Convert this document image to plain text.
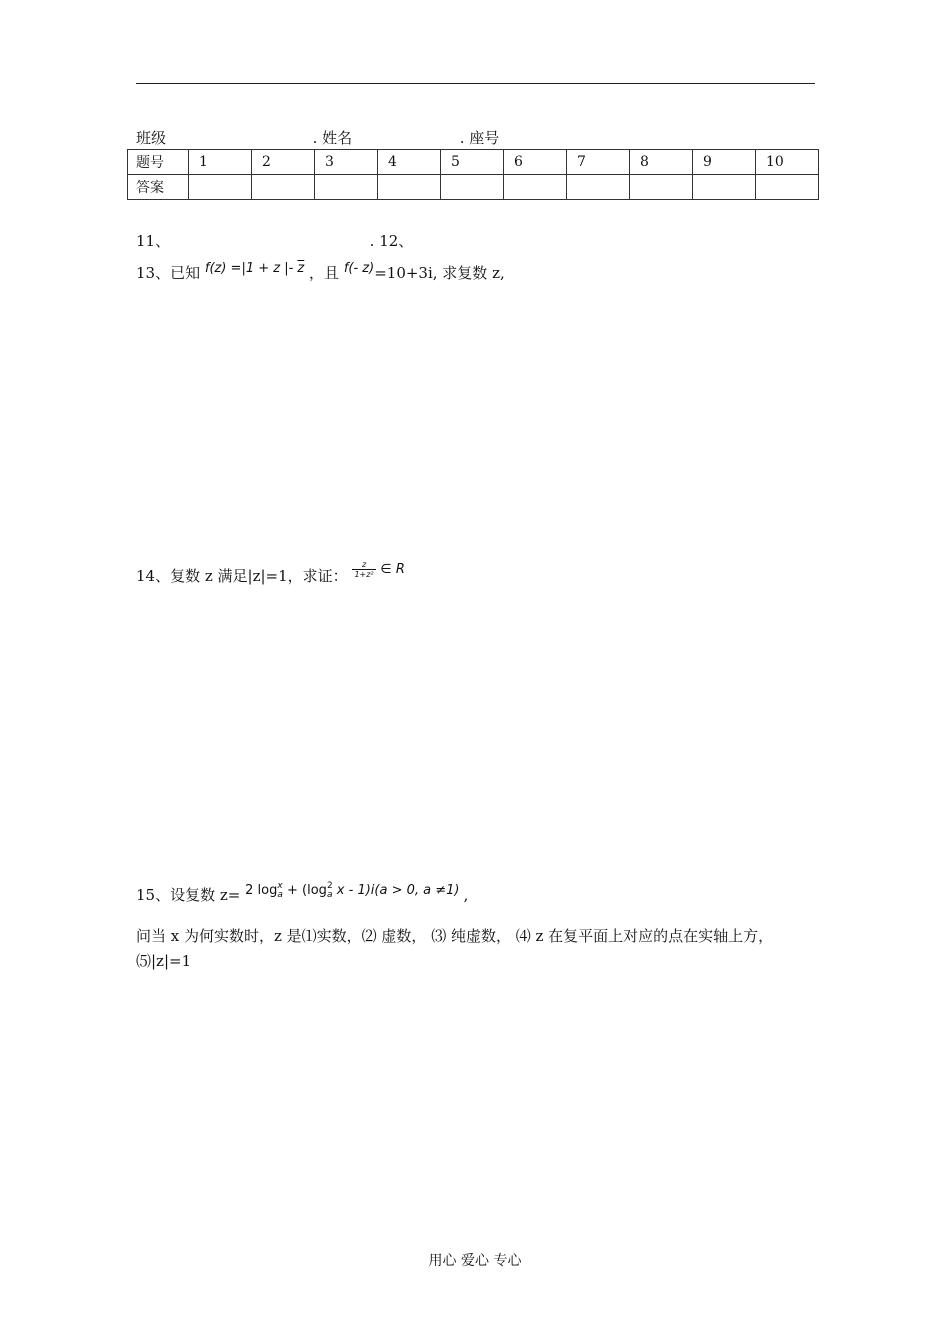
班级	. 姓名	. 座号
题号	1	2	3	4	5	6	7	8	9	10
答案										
11、	. 12、
13、已知 f(z) =|1 + z |- $\overline{z}$ ，且 f(- z)=10+3i, 求复数 z,
14、复数 z 满足|z|=1，求证： $\frac{z}{\text{1+z²}}$ ∈ R
15、设复数 z= 2 log x
a + (log 2
a x - 1)i(a > 0, a ≠1) ,
问当 x 为何实数时，z 是⑴实数，⑵ 虚数， ⑶ 纯虚数， ⑷ z 在复平面上对应的点在实轴上方，⑸|z|=1
用心 爱心 专心
